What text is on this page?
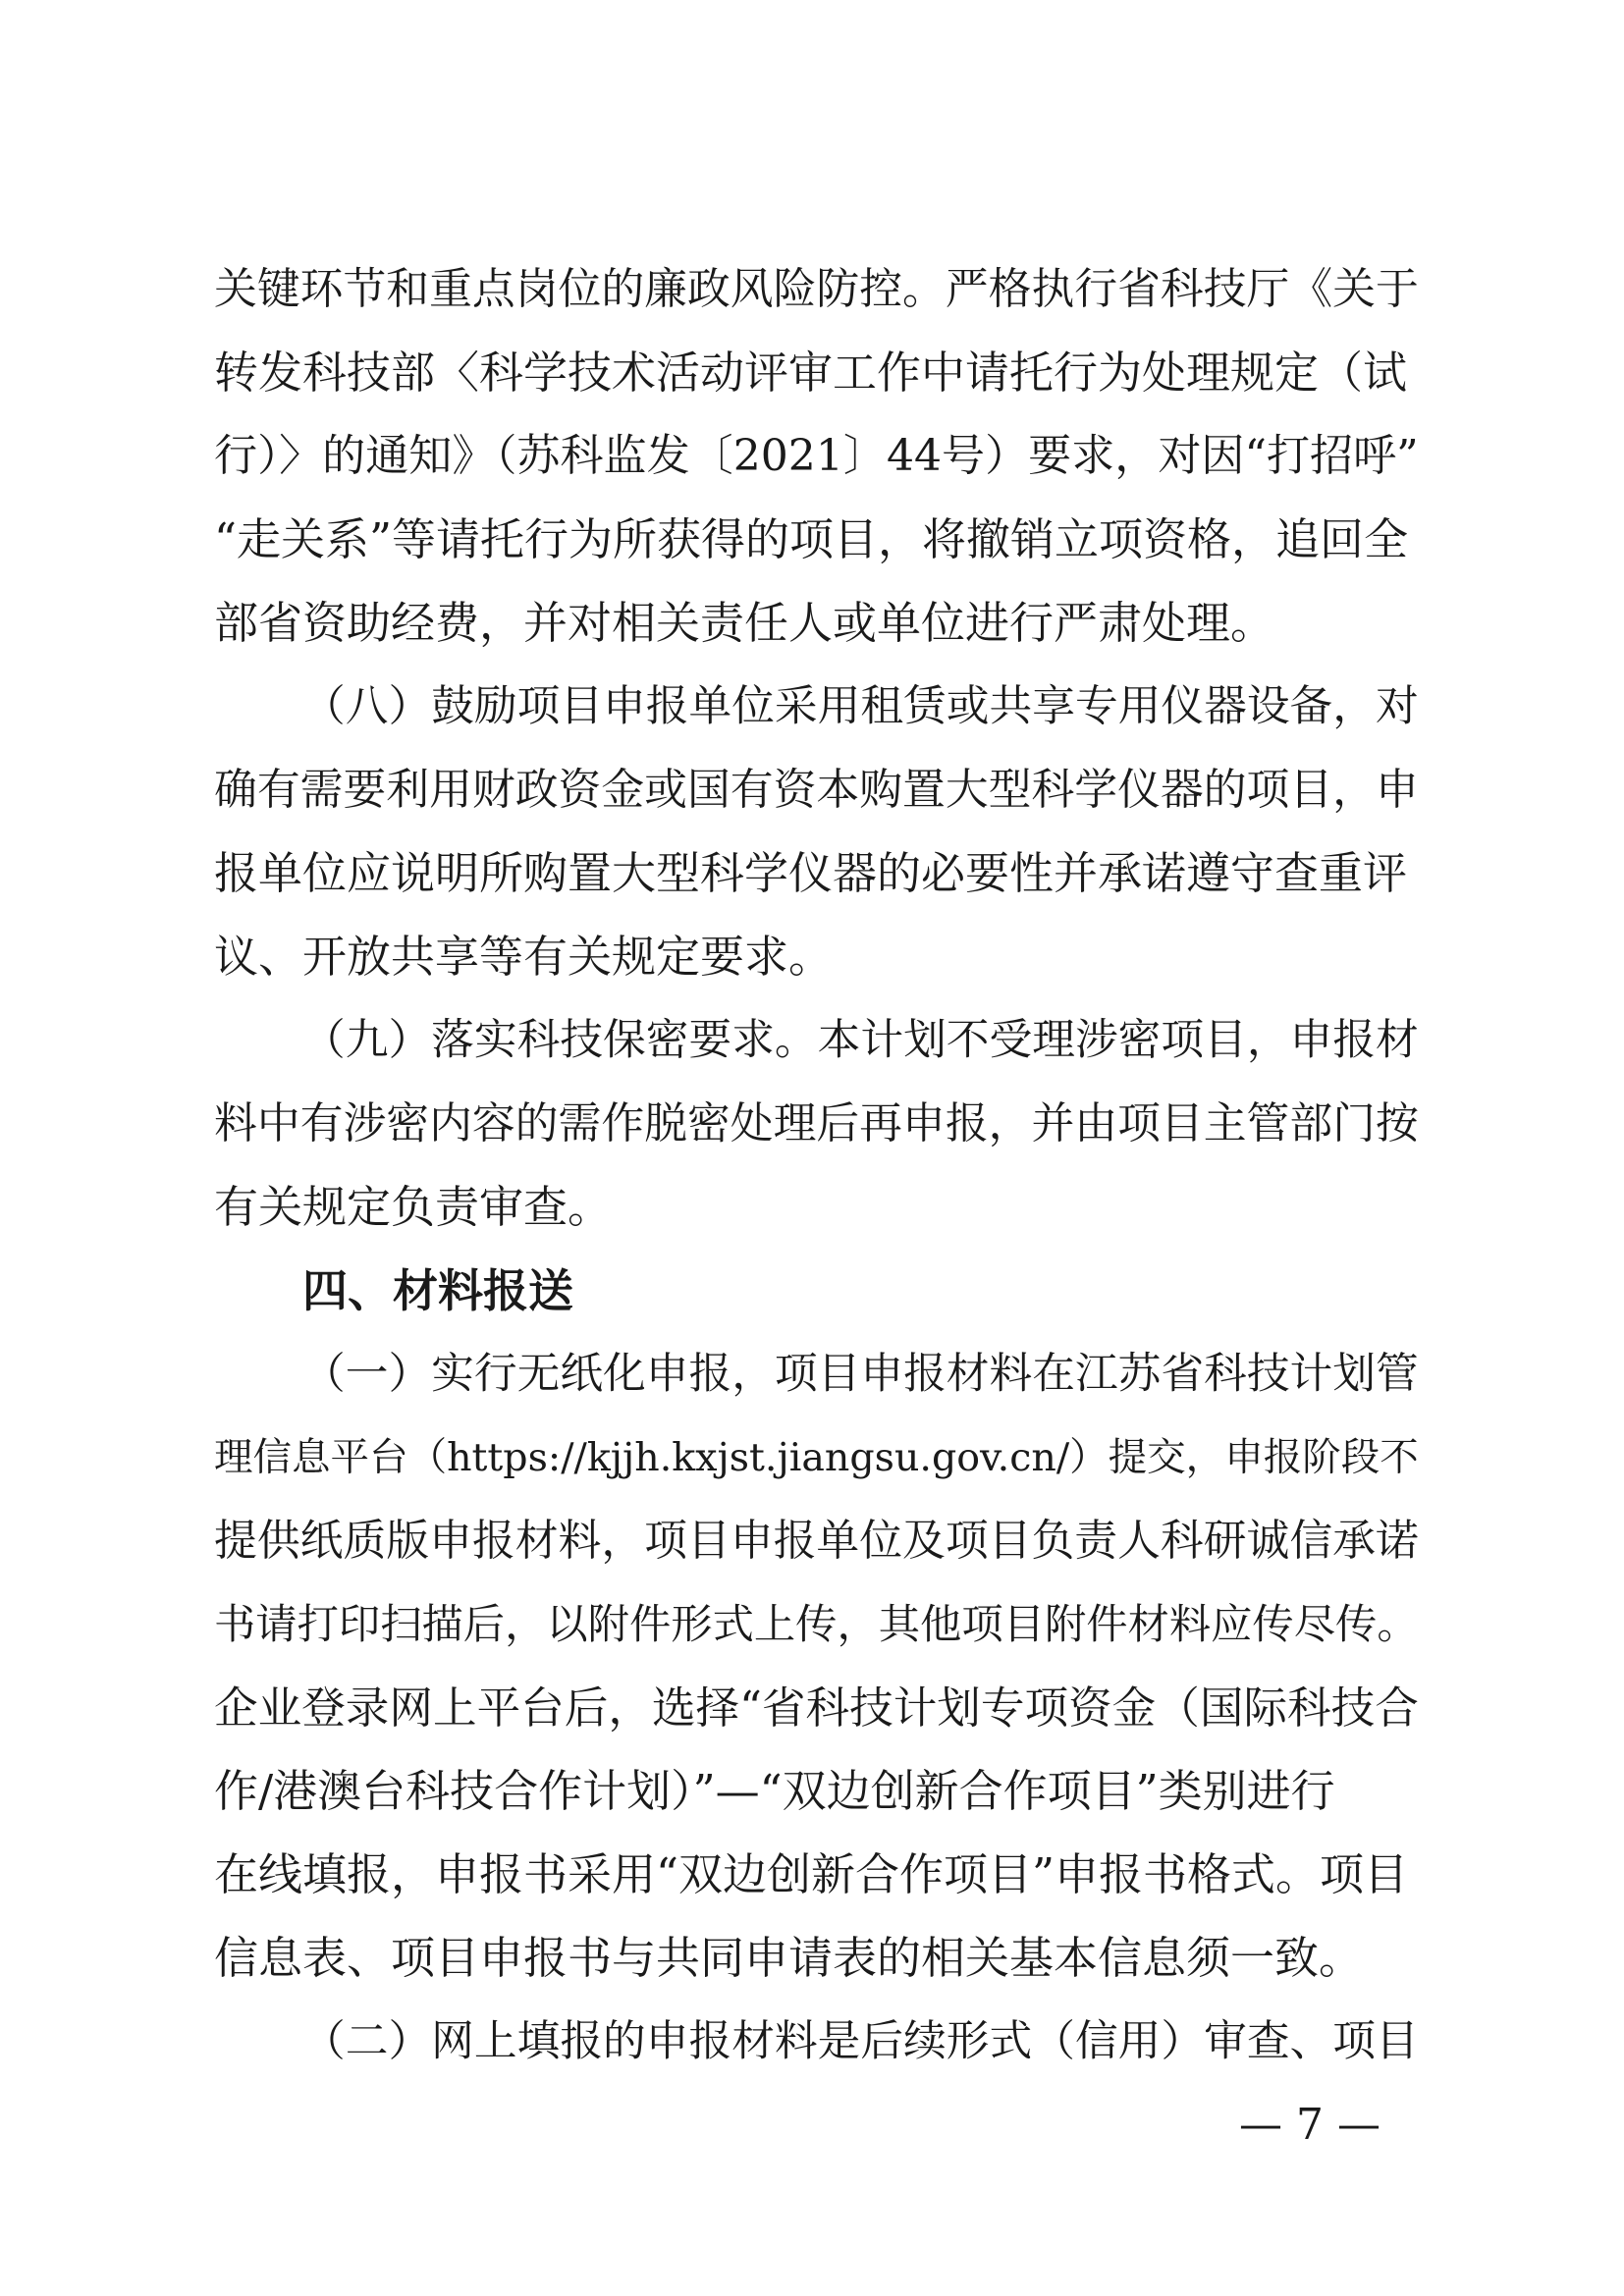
关键环节和重点岗位的廉政风险防控。严格执行省科技厅《关于
转发科技部〈科学技术活动评审工作中请托行为处理规定（试
行）〉的通知》（苏科监发〔2021〕44号）要求，对因“打招呼”
“走关系”等请托行为所获得的项目，将撤销立项资格，追回全
部省资助经费，并对相关责任人或单位进行严肃处理。
（八）鼓励项目申报单位采用租赁或共享专用仪器设备，对
确有需要利用财政资金或国有资本购置大型科学仪器的项目，申
报单位应说明所购置大型科学仪器的必要性并承诺遵守查重评
议、开放共享等有关规定要求。
（九）落实科技保密要求。本计划不受理涉密项目，申报材
料中有涉密内容的需作脱密处理后再申报，并由项目主管部门按
有关规定负责审查。
四、材料报送
（一）实行无纸化申报，项目申报材料在江苏省科技计划管
理信息平台（https://kjjh.kxjst.jiangsu.gov.cn/）提交，申报阶段不
提供纸质版申报材料，项目申报单位及项目负责人科研诚信承诺
书请打印扫描后，以附件形式上传，其他项目附件材料应传尽传。
企业登录网上平台后，选择“省科技计划专项资金（国际科技合
作/港澳台科技合作计划）”—“双边创新合作项目”类别进行
在线填报，申报书采用“双边创新合作项目”申报书格式。项目
信息表、项目申报书与共同申请表的相关基本信息须一致。
（二）网上填报的申报材料是后续形式（信用）审查、项目
— 7 —
